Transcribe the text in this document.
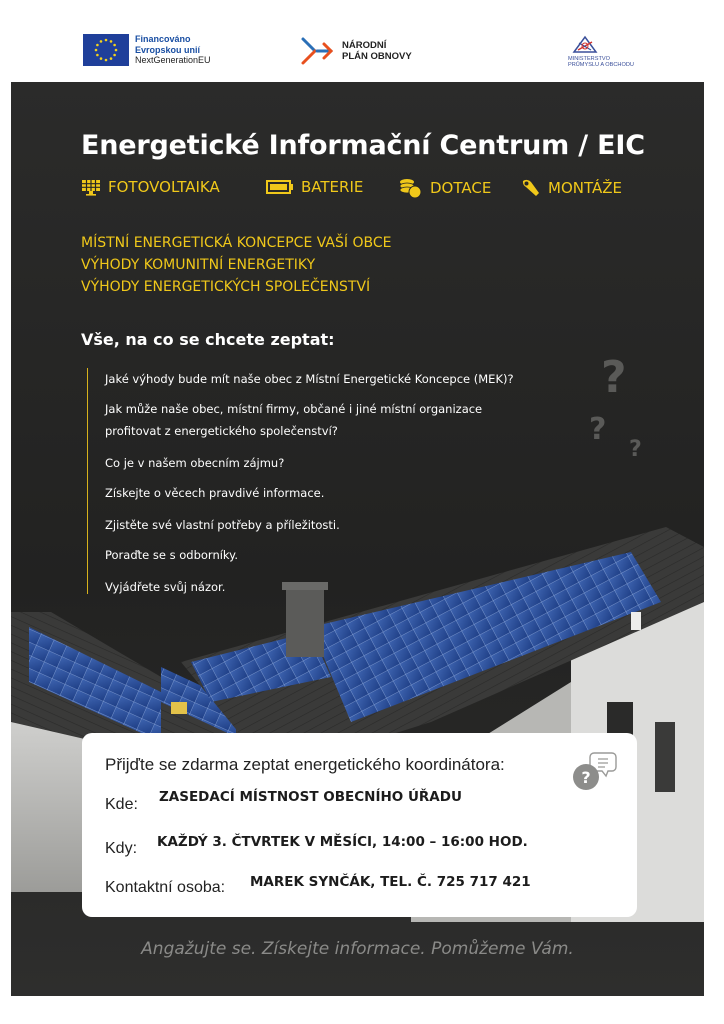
Financováno
Evropskou unií
NextGenerationEU
NÁRODNÍ
PLÁN OBNOVY	MINISTERSTVO
PRŮMYSLU A OBCHODU
Energetické Informační Centrum / EIC
FOTOVOLTAIKA	BATERIE	DOTACE	MONTÁŽE
MÍSTNÍ ENERGETICKÁ KONCEPCE VAŠÍ OBCE
VÝHODY KOMUNITNÍ ENERGETIKY
VÝHODY ENERGETICKÝCH SPOLEČENSTVÍ
Vše, na co se chcete zeptat:
Jaké výhody bude mít naše obec z Místní Energetické Koncepce (MEK)?
Jak může naše obec, místní firmy, občané i jiné místní organizace
profitovat z energetického společenství?
Co je v našem obecním zájmu?
Získejte o věcech pravdivé informace.
Zjistěte své vlastní potřeby a příležitosti.
Poraďte se s odborníky.
Vyjádřete svůj názor.
?
?
?
Přijďte se zdarma zeptat energetického koordinátora:
?
Kde: ZASEDACÍ MÍSTNOST OBECNÍHO ÚŘADU
Kdy: KAŽDÝ 3. ČTVRTEK V MĚSÍCI, 14:00 – 16:00 HOD.
Kontaktní osoba: MAREK SYNČÁK, TEL. Č. 725 717 421
Angažujte se. Získejte informace. Pomůžeme Vám.
